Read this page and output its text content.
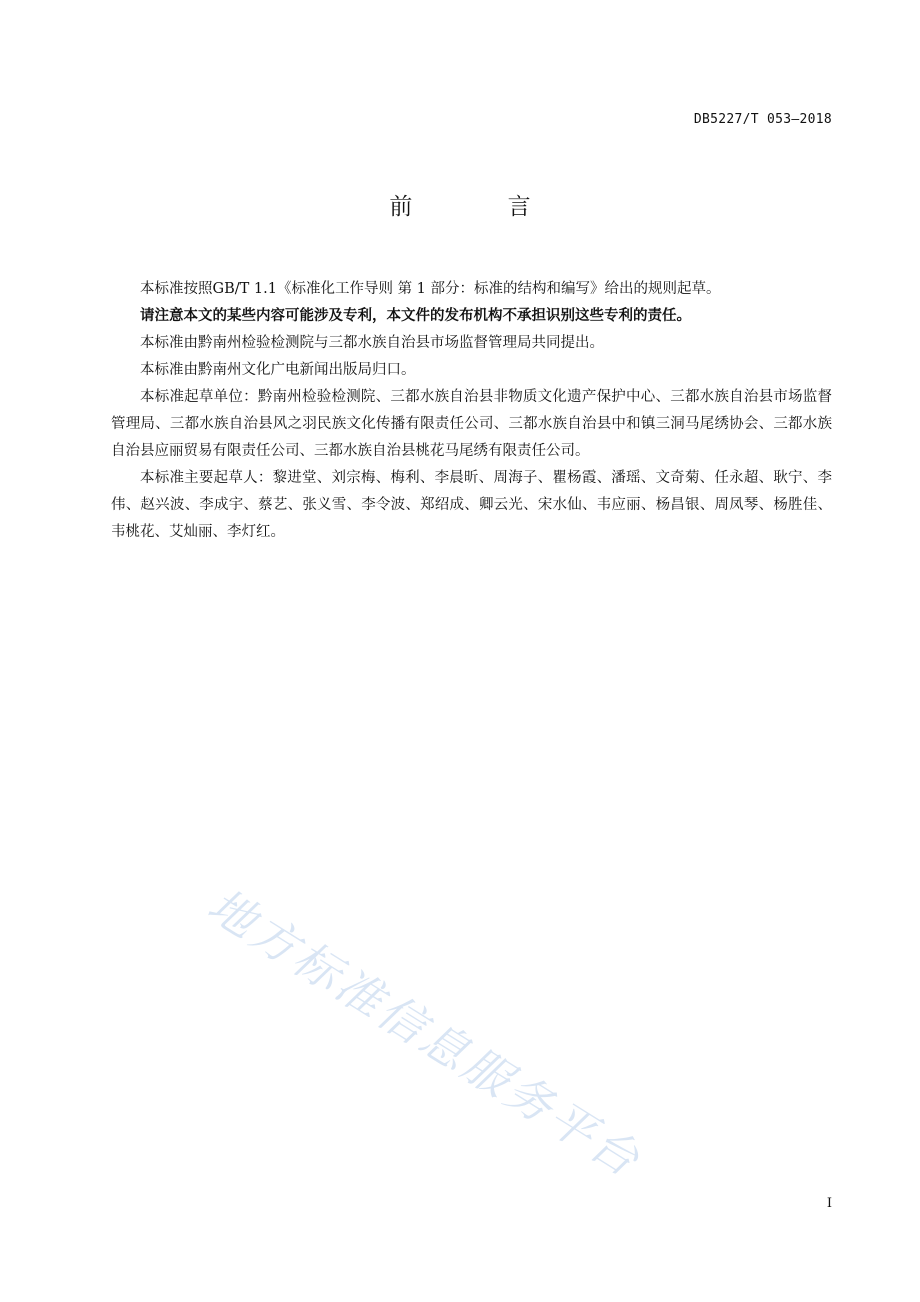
DB5227/T 053—2018
前 言

本标准按照GB/T 1.1《标准化工作导则 第 1 部分：标准的结构和编写》给出的规则起草。

请注意本文的某些内容可能涉及专利，本文件的发布机构不承担识别这些专利的责任。

本标准由黔南州检验检测院与三都水族自治县市场监督管理局共同提出。

本标准由黔南州文化广电新闻出版局归口。

本标准起草单位：黔南州检验检测院、三都水族自治县非物质文化遗产保护中心、三都水族自治县市场监督管理局、三都水族自治县风之羽民族文化传播有限责任公司、三都水族自治县中和镇三洞马尾绣协会、三都水族自治县应丽贸易有限责任公司、三都水族自治县桃花马尾绣有限责任公司。

本标准主要起草人：黎进堂、刘宗梅、梅利、李晨昕、周海子、瞿杨霞、潘瑶、文奇菊、任永超、耿宁、李伟、赵兴波、李成宇、蔡艺、张义雪、李令波、郑绍成、卿云光、宋水仙、韦应丽、杨昌银、周凤琴、杨胜佳、韦桃花、艾灿丽、李灯红。

地方标准信息服务平台
I
